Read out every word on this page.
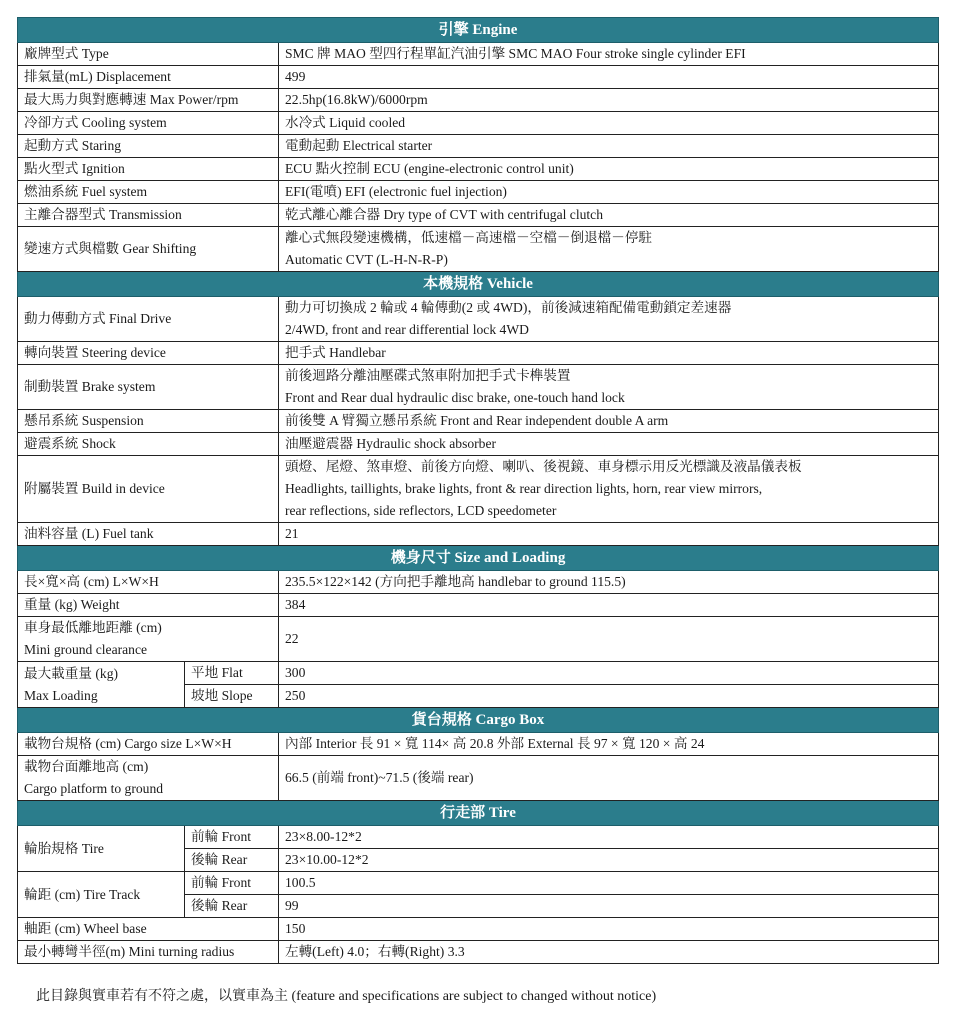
引擎 Engine		
廠牌型式 Type		SMC 牌 MAO 型四行程單缸汽油引擎 SMC MAO Four stroke single cylinder EFI
排氣量(mL) Displacement		499
最大馬力與對應轉速 Max Power/rpm		22.5hp(16.8kW)/6000rpm
冷卻方式 Cooling system		水冷式 Liquid cooled
起動方式 Staring		電動起動 Electrical starter
點火型式 Ignition		ECU 點火控制 ECU (engine-electronic control unit)
燃油系統 Fuel system		EFI(電噴) EFI (electronic fuel injection)
主離合器型式 Transmission		乾式離心離合器 Dry type of CVT with centrifugal clutch
變速方式與檔數 Gear Shifting		離心式無段變速機構，低速檔－高速檔－空檔－倒退檔－停駐
Automatic CVT (L-H-N-R-P)

本機規格 Vehicle		
動力傳動方式 Final Drive		動力可切換成 2 輪或 4 輪傳動(2 或 4WD)，前後減速箱配備電動鎖定差速器
2/4WD, front and rear differential lock 4WD

轉向裝置 Steering device		把手式 Handlebar
制動裝置 Brake system		前後迴路分離油壓碟式煞車附加把手式卡榫裝置
Front and Rear dual hydraulic disc brake, one-touch hand lock

懸吊系統 Suspension		前後雙 A 臂獨立懸吊系統 Front and Rear independent double A arm
避震系統 Shock		油壓避震器 Hydraulic shock absorber
附屬裝置 Build in device		頭燈、尾燈、煞車燈、前後方向燈、喇叭、後視鏡、車身標示用反光標識及液晶儀表板
Headlights, taillights, brake lights, front & rear direction lights, horn, rear view mirrors,
rear reflections, side reflectors, LCD speedometer

油料容量 (L) Fuel tank		21
機身尺寸 Size and Loading		
長×寬×高 (cm) L×W×H		235.5×122×142 (方向把手離地高 handlebar to ground 115.5)
重量 (kg) Weight		384

車身最低離地距離 (cm)
Mini ground clearance		22

最大載重量 (kg)
Max Loading	平地 Flat	300
	坡地 Slope	250
貨台規格 Cargo Box		
載物台規格 (cm) Cargo size L×W×H		內部 Interior 長 91 × 寬 114× 高 20.8 外部 External 長 97 × 寬 120 × 高 24

載物台面離地高 (cm)
Cargo platform to ground		66.5 (前端 front)~71.5 (後端 rear)
行走部 Tire		
輪胎規格 Tire	前輪 Front	23×8.00-12*2
	後輪 Rear	23×10.00-12*2
輪距 (cm) Tire Track	前輪 Front	100.5
	後輪 Rear	99
軸距 (cm) Wheel base		150
最小轉彎半徑(m) Mini turning radius		左轉(Left) 4.0；右轉(Right) 3.3
此目錄與實車若有不符之處，以實車為主 (feature and specifications are subject to changed without notice)
